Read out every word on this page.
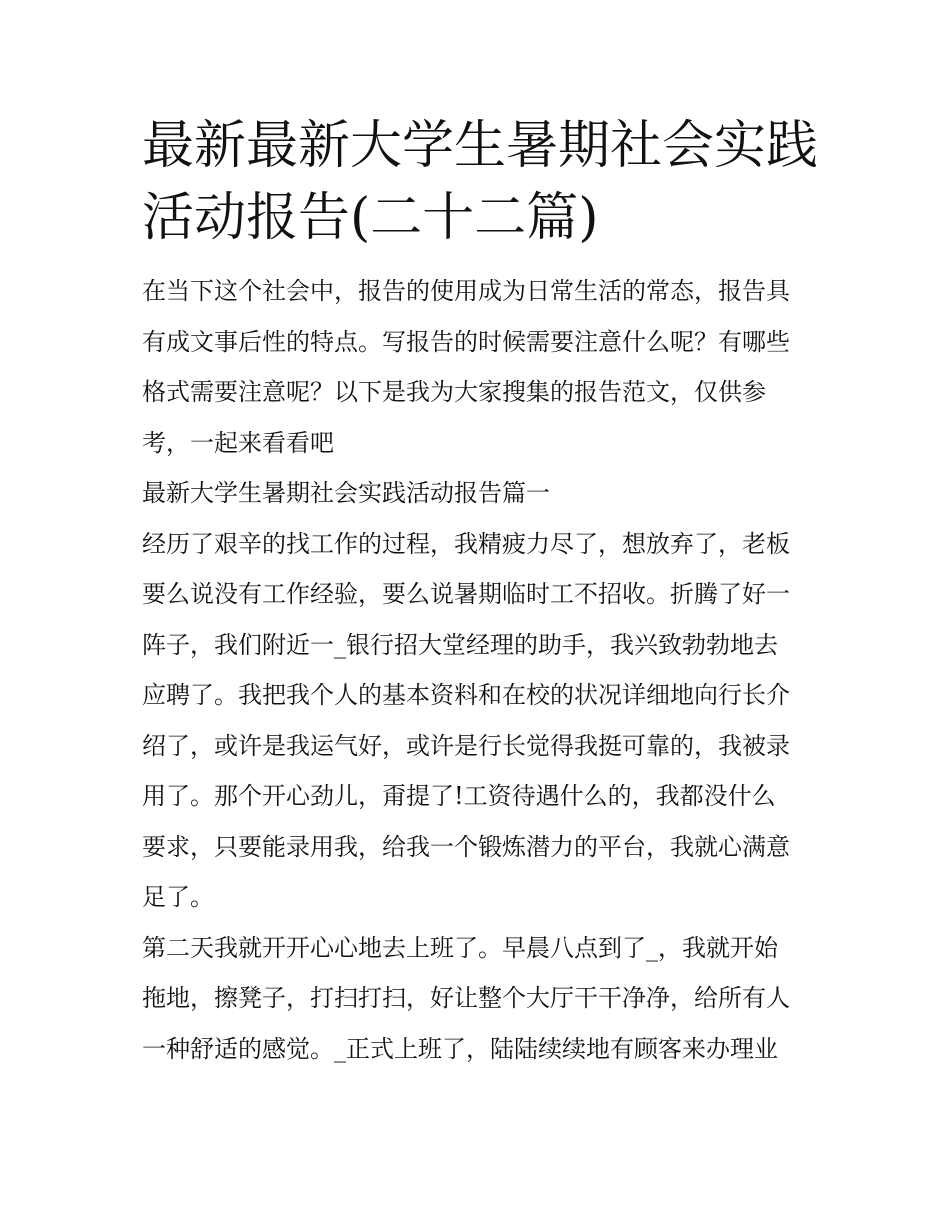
最新最新大学生暑期社会实践
活动报告(二十二篇)

在当下这个社会中，报告的使用成为日常生活的常态，报告具
有成文事后性的特点。写报告的时候需要注意什么呢？有哪些
格式需要注意呢？以下是我为大家搜集的报告范文，仅供参
考，一起来看看吧

最新大学生暑期社会实践活动报告篇一

经历了艰辛的找工作的过程，我精疲力尽了，想放弃了，老板
要么说没有工作经验，要么说暑期临时工不招收。折腾了好一
阵子，我们附近一_银行招大堂经理的助手，我兴致勃勃地去
应聘了。我把我个人的基本资料和在校的状况详细地向行长介
绍了，或许是我运气好，或许是行长觉得我挺可靠的，我被录
用了。那个开心劲儿，甭提了!工资待遇什么的，我都没什么
要求，只要能录用我，给我一个锻炼潜力的平台，我就心满意
足了。

第二天我就开开心心地去上班了。早晨八点到了_，我就开始
拖地，擦凳子，打扫打扫，好让整个大厅干干净净，给所有人
一种舒适的感觉。_正式上班了，陆陆续续地有顾客来办理业
